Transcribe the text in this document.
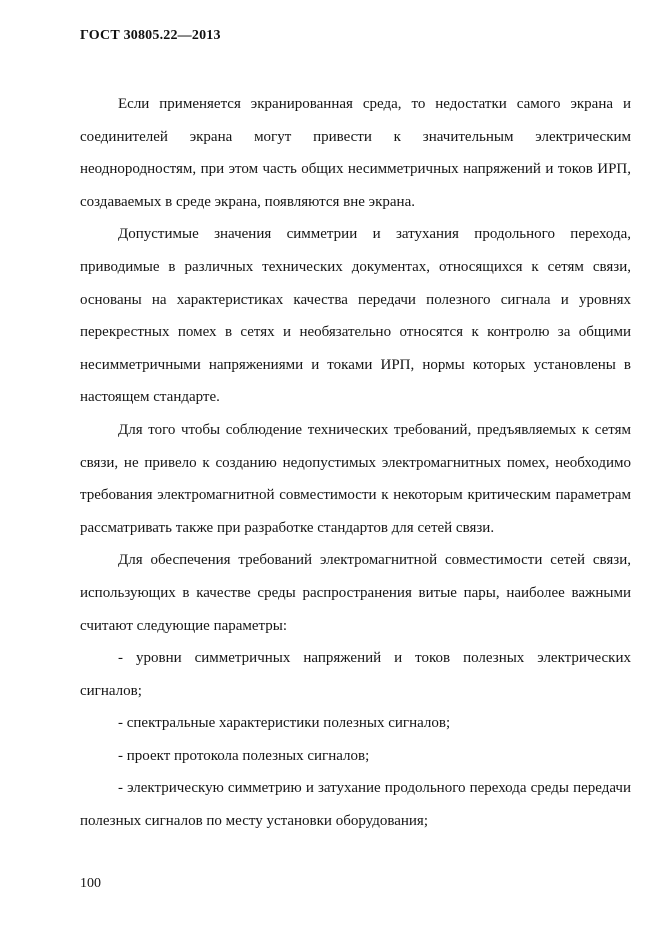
ГОСТ 30805.22—2013

Если применяется экранированная среда, то недостатки самого экрана и соединителей экрана могут привести к значительным электрическим неоднородностям, при этом часть общих несимметричных напряжений и токов ИРП, создаваемых в среде экрана, появляются вне экрана.

Допустимые значения симметрии и затухания продольного перехода, приводимые в различных технических документах, относящихся к сетям связи, основаны на характеристиках качества передачи полезного сигнала и уровнях перекрестных помех в сетях и необязательно относятся к контролю за общими несимметричными напряжениями и токами ИРП, нормы которых установлены в настоящем стандарте.

Для того чтобы соблюдение технических требований, предъявляемых к сетям связи, не привело к созданию недопустимых электромагнитных помех, необходимо требования электромагнитной совместимости к некоторым критическим параметрам рассматривать также при разработке стандартов для сетей связи.

Для обеспечения требований электромагнитной совместимости сетей связи, использующих в качестве среды распространения витые пары, наиболее важными считают следующие параметры:

- уровни симметричных напряжений и токов полезных электрических сигналов;

- спектральные характеристики полезных сигналов;

- проект протокола полезных сигналов;

- электрическую симметрию и затухание продольного перехода среды передачи полезных сигналов по месту установки оборудования;

100
